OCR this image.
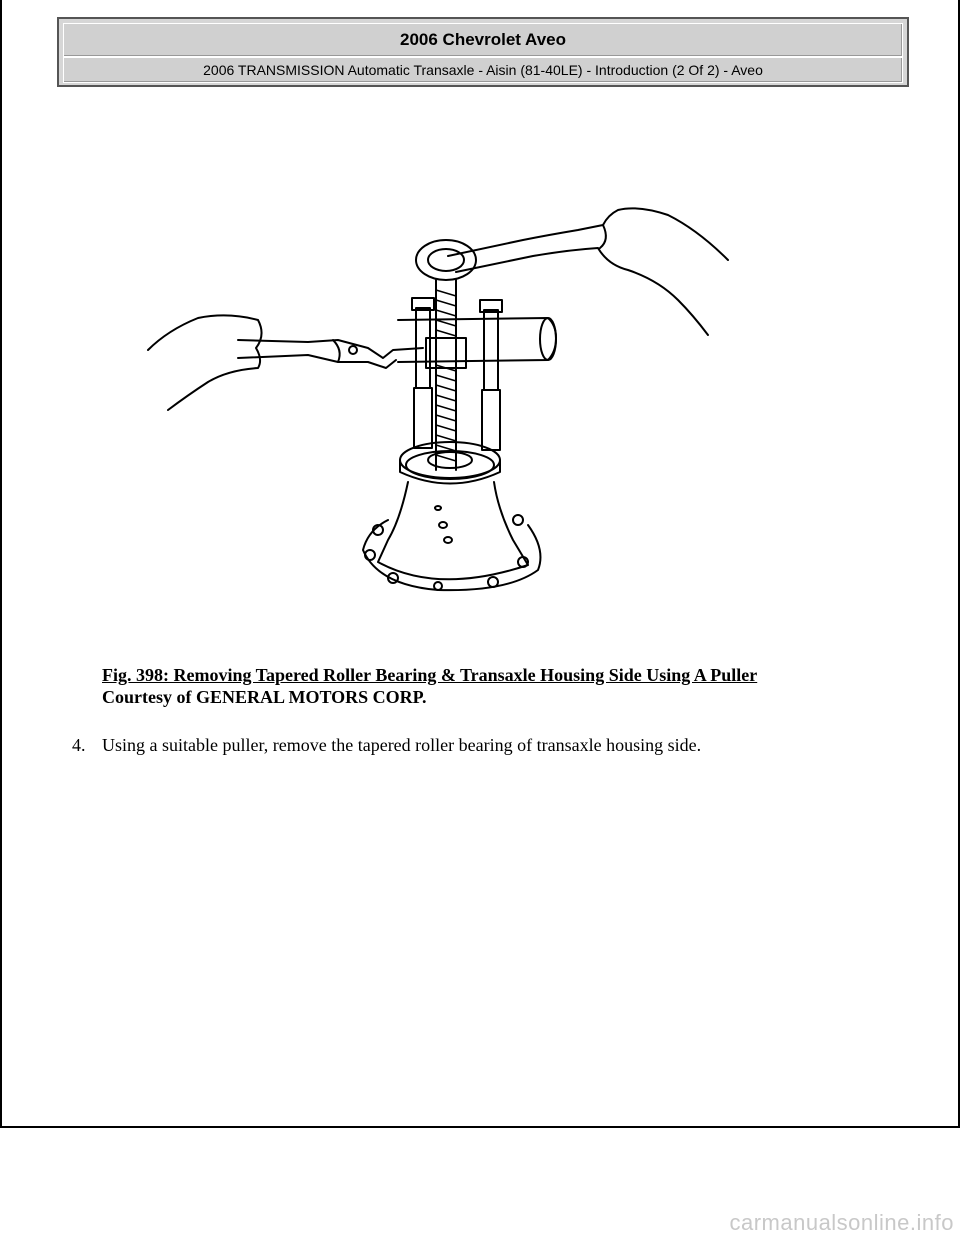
2006 Chevrolet Aveo
2006 TRANSMISSION Automatic Transaxle - Aisin (81-40LE) - Introduction (2 Of 2) - Aveo
Fig. 398: Removing Tapered Roller Bearing & Transaxle Housing Side Using A Puller
Courtesy of GENERAL MOTORS CORP.
4. Using a suitable puller, remove the tapered roller bearing of transaxle housing side.
carmanualsonline.info
